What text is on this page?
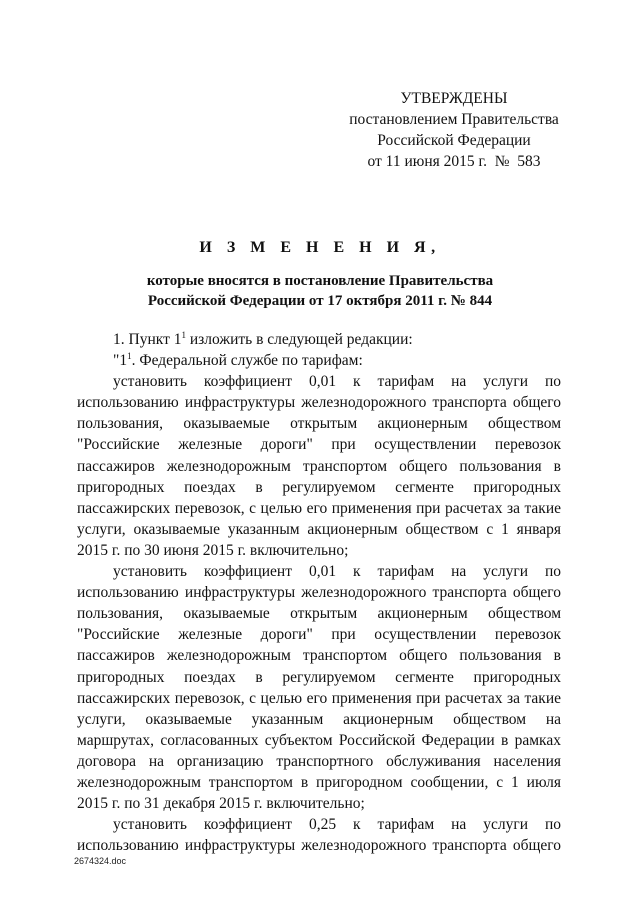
УТВЕРЖДЕНЫ
постановлением Правительства
Российской Федерации
от 11 июня 2015 г.  №  583
И З М Е Н Е Н И Я,
которые вносятся в постановление Правительства
Российской Федерации от 17 октября 2011 г. № 844

1. Пункт $1^1$ изложить в следующей редакции:

"$1^1$. Федеральной службе по тарифам:

установить коэффициент 0,01 к тарифам на услуги по использованию инфраструктуры железнодорожного транспорта общего пользования, оказываемые открытым акционерным обществом "Российские железные дороги" при осуществлении перевозок пассажиров железнодорожным транспортом общего пользования в пригородных поездах в регулируемом сегменте пригородных пассажирских перевозок, с целью его применения при расчетах за такие услуги, оказываемые указанным акционерным обществом с 1 января 2015 г. по 30 июня 2015 г. включительно;

установить коэффициент 0,01 к тарифам на услуги по использованию инфраструктуры железнодорожного транспорта общего пользования, оказываемые открытым акционерным обществом "Российские железные дороги" при осуществлении перевозок пассажиров железнодорожным транспортом общего пользования в пригородных поездах в регулируемом сегменте пригородных пассажирских перевозок, с целью его применения при расчетах за такие услуги, оказываемые указанным акционерным обществом на маршрутах, согласованных субъектом Российской Федерации в рамках договора на организацию транспортного обслуживания населения железнодорожным транспортом в пригородном сообщении, с 1 июля 2015 г. по 31 декабря 2015 г. включительно;

установить коэффициент 0,25 к тарифам на услуги по использованию инфраструктуры железнодорожного транспорта общего

2674324.doc
